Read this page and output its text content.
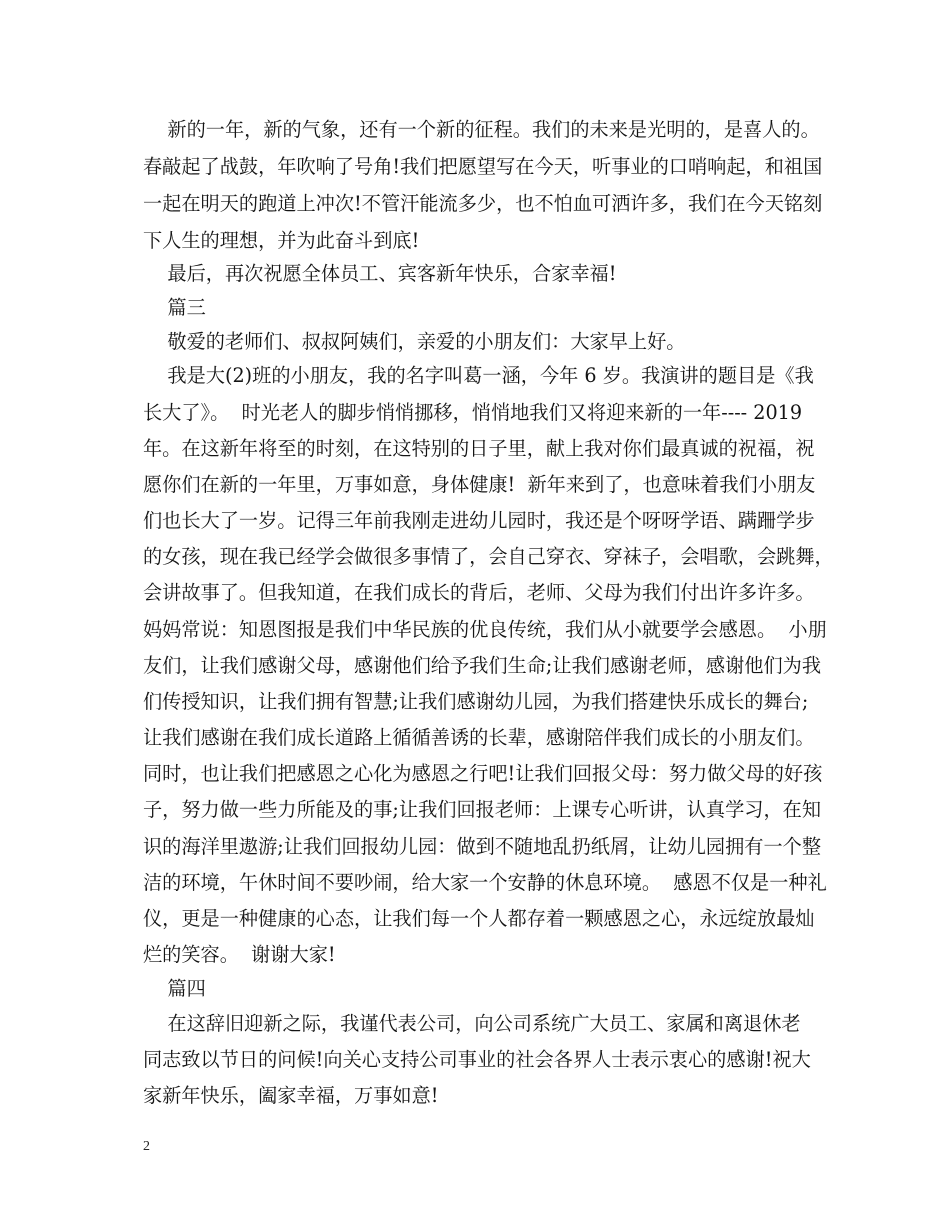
新的一年，新的气象，还有一个新的征程。我们的未来是光明的，是喜人的。
春敲起了战鼓，年吹响了号角!我们把愿望写在今天，听事业的口哨响起，和祖国
一起在明天的跑道上冲次!不管汗能流多少，也不怕血可洒许多，我们在今天铭刻
下人生的理想，并为此奋斗到底!
最后，再次祝愿全体员工、宾客新年快乐，合家幸福!
篇三
敬爱的老师们、叔叔阿姨们，亲爱的小朋友们：大家早上好。
我是大(2)班的小朋友，我的名字叫葛一涵，今年 6 岁。我演讲的题目是《我
长大了》。  时光老人的脚步悄悄挪移，悄悄地我们又将迎来新的一年---- 2019
年。在这新年将至的时刻，在这特别的日子里，献上我对你们最真诚的祝福，祝
愿你们在新的一年里，万事如意，身体健康!  新年来到了，也意味着我们小朋友
们也长大了一岁。记得三年前我刚走进幼儿园时，我还是个呀呀学语、蹒跚学步
的女孩，现在我已经学会做很多事情了，会自己穿衣、穿袜子，会唱歌，会跳舞，
会讲故事了。但我知道，在我们成长的背后，老师、父母为我们付出许多许多。
妈妈常说：知恩图报是我们中华民族的优良传统，我们从小就要学会感恩。  小朋
友们，让我们感谢父母，感谢他们给予我们生命;让我们感谢老师，感谢他们为我
们传授知识，让我们拥有智慧;让我们感谢幼儿园，为我们搭建快乐成长的舞台;
让我们感谢在我们成长道路上循循善诱的长辈，感谢陪伴我们成长的小朋友们。
同时，也让我们把感恩之心化为感恩之行吧!让我们回报父母：努力做父母的好孩
子，努力做一些力所能及的事;让我们回报老师：上课专心听讲，认真学习，在知
识的海洋里遨游;让我们回报幼儿园：做到不随地乱扔纸屑，让幼儿园拥有一个整
洁的环境，午休时间不要吵闹，给大家一个安静的休息环境。  感恩不仅是一种礼
仪，更是一种健康的心态，让我们每一个人都存着一颗感恩之心，永远绽放最灿
烂的笑容。  谢谢大家!
篇四
在这辞旧迎新之际，我谨代表公司，向公司系统广大员工、家属和离退休老
同志致以节日的问候!向关心支持公司事业的社会各界人士表示衷心的感谢!祝大
家新年快乐，阖家幸福，万事如意!
2
